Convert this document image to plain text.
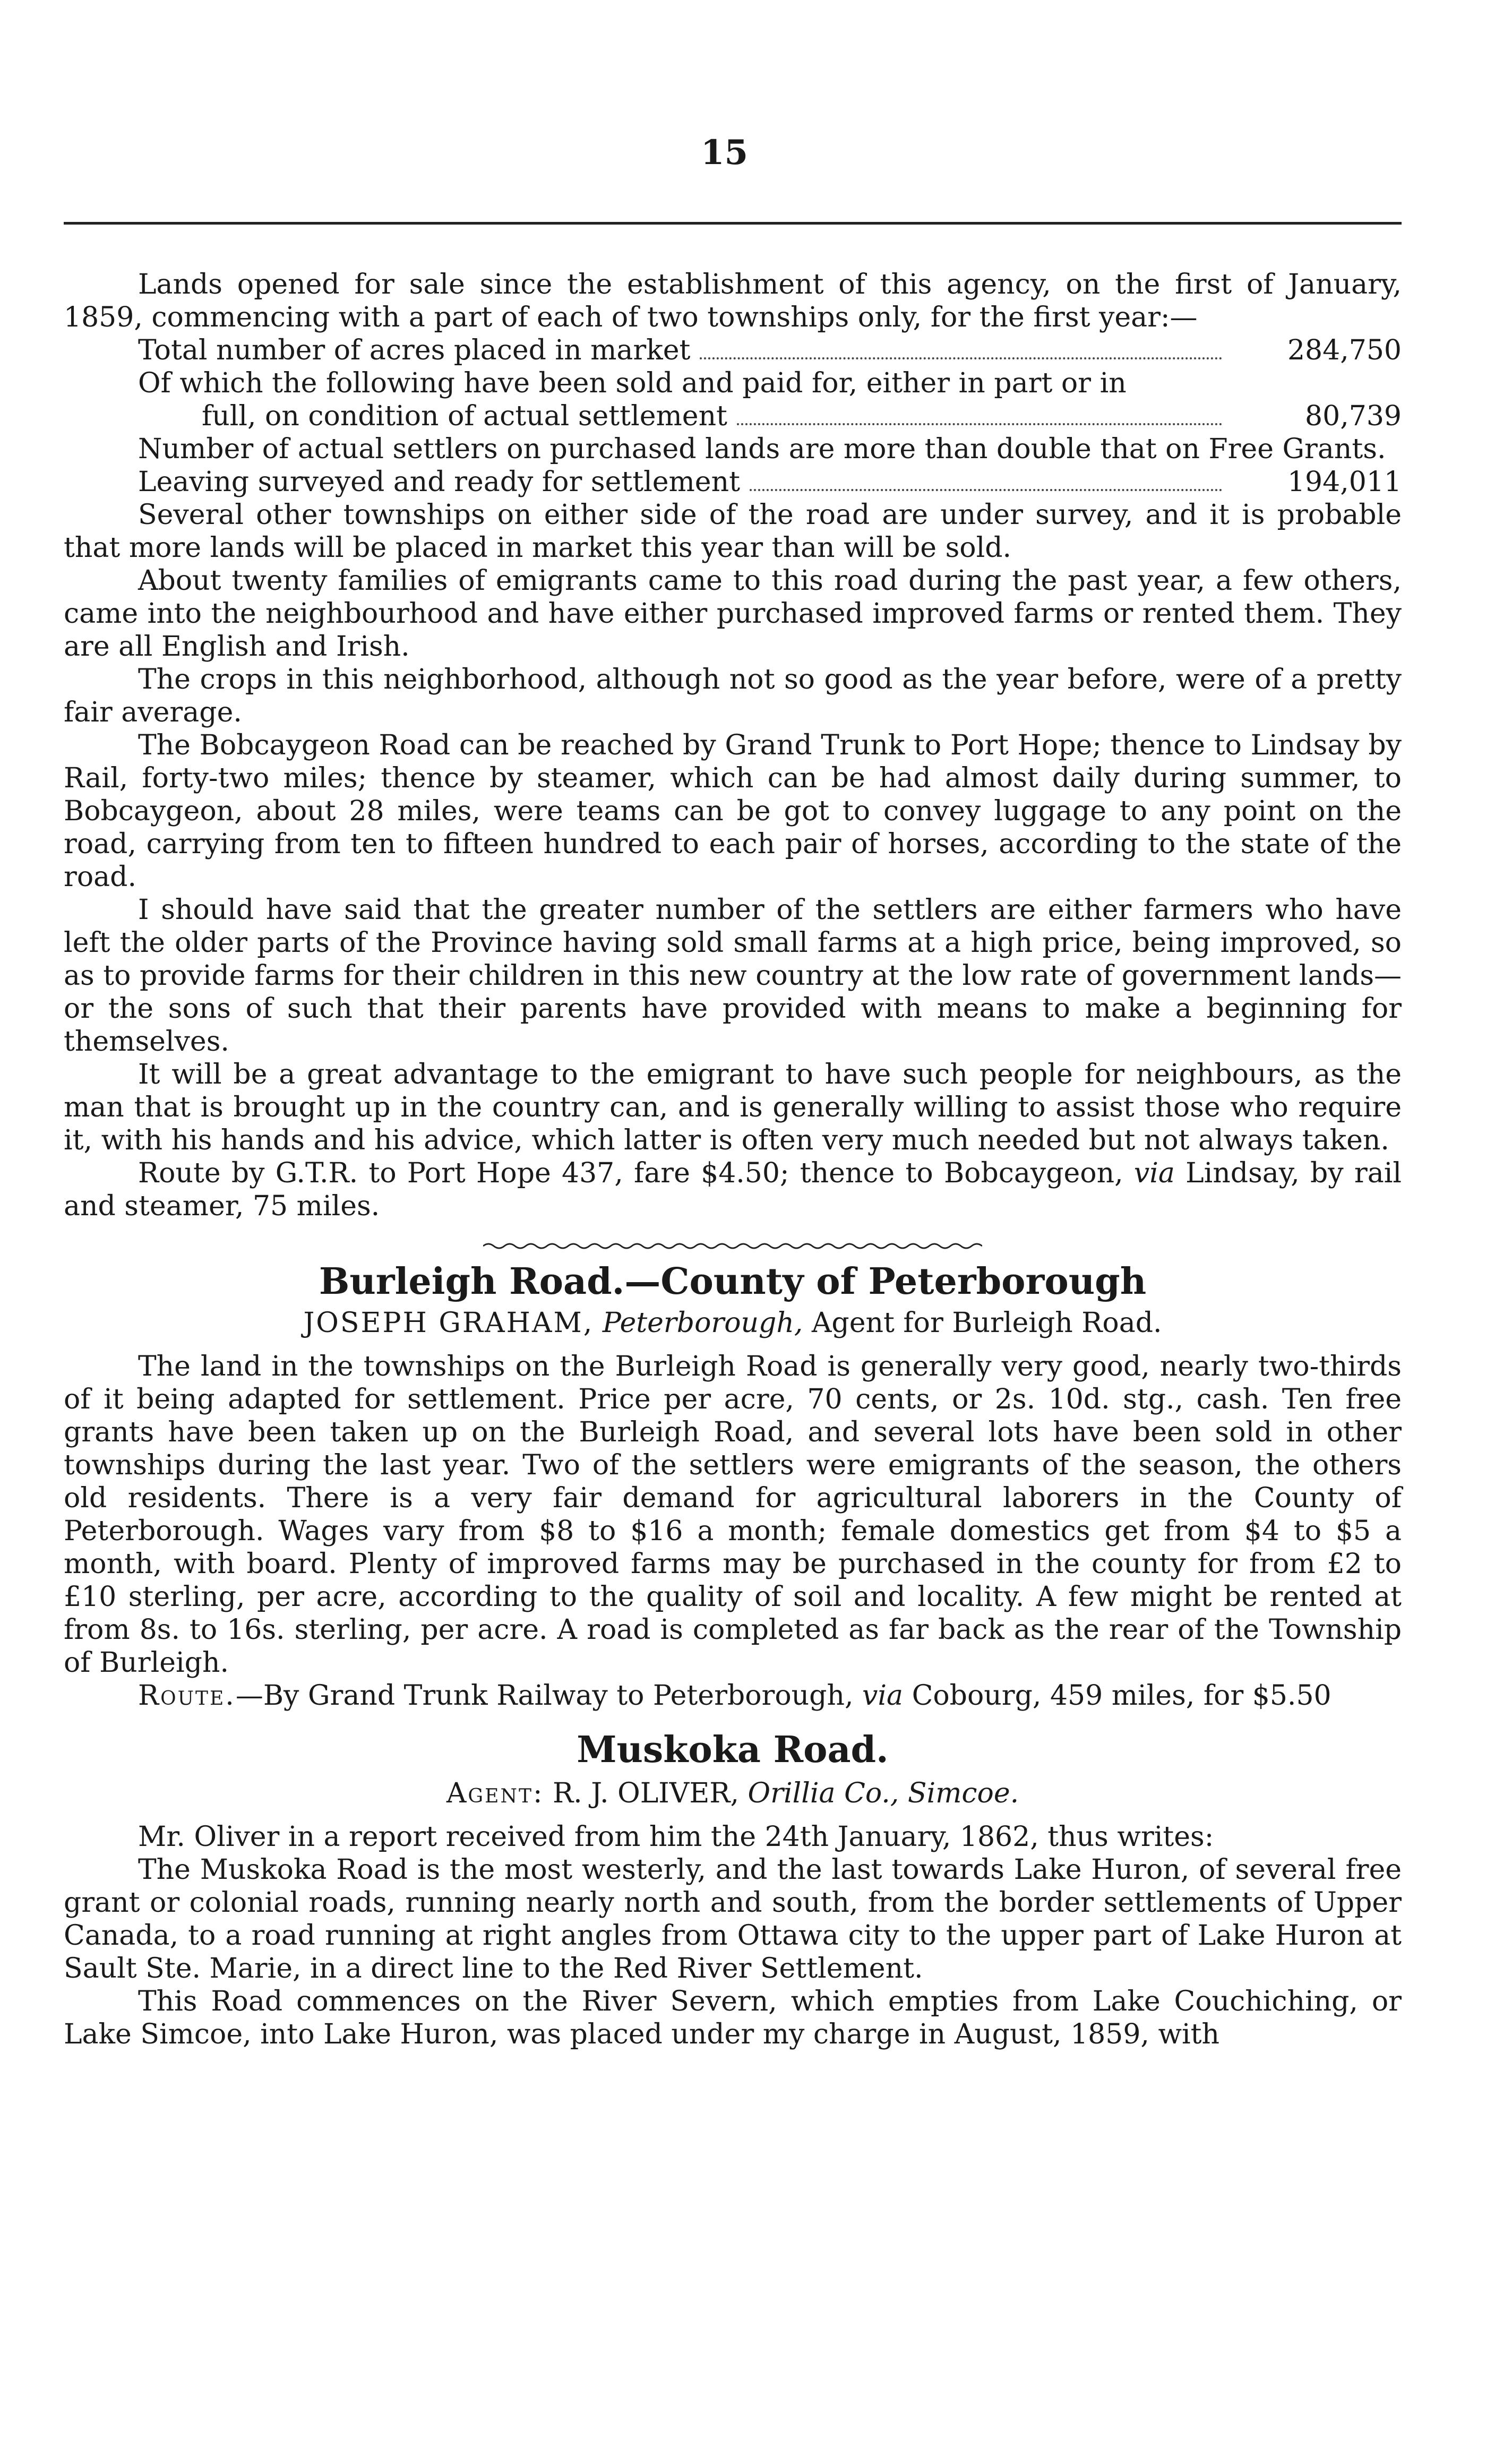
15

Lands opened for sale since the establishment of this agency, on the first of January, 1859, commencing with a part of each of two townships only, for the first year:—

Total number of acres placed in market	284,750
Of which the following have been sold and paid for, either in part or in
full, on condition of actual settlement	80,739

Number of actual settlers on purchased lands are more than double that on Free Grants.

Leaving surveyed and ready for settlement	194,011

Several other townships on either side of the road are under survey, and it is probable that more lands will be placed in market this year than will be sold.

About twenty families of emigrants came to this road during the past year, a few others, came into the neighbourhood and have either purchased improved farms or rented them. They are all English and Irish.

The crops in this neighborhood, although not so good as the year before, were of a pretty fair average.

The Bobcaygeon Road can be reached by Grand Trunk to Port Hope; thence to Lindsay by Rail, forty-two miles; thence by steamer, which can be had almost daily during summer, to Bobcaygeon, about 28 miles, were teams can be got to convey luggage to any point on the road, carrying from ten to fifteen hundred to each pair of horses, according to the state of the road.

I should have said that the greater number of the settlers are either farmers who have left the older parts of the Province having sold small farms at a high price, being improved, so as to provide farms for their children in this new country at the low rate of government lands—or the sons of such that their parents have provided with means to make a beginning for themselves.

It will be a great advantage to the emigrant to have such people for neighbours, as the man that is brought up in the country can, and is generally willing to assist those who require it, with his hands and his advice, which latter is often very much needed but not always taken.

Route by G.T.R. to Port Hope 437, fare $4.50; thence to Bobcaygeon, via Lindsay, by rail and steamer, 75 miles.

Burleigh Road.—County of Peterborough
JOSEPH GRAHAM, Peterborough, Agent for Burleigh Road.

The land in the townships on the Burleigh Road is generally very good, nearly two-thirds of it being adapted for settlement. Price per acre, 70 cents, or 2s. 10d. stg., cash. Ten free grants have been taken up on the Burleigh Road, and several lots have been sold in other townships during the last year. Two of the settlers were emigrants of the season, the others old residents. There is a very fair demand for agricultural laborers in the County of Peterborough. Wages vary from $8 to $16 a month; female domestics get from $4 to $5 a month, with board. Plenty of improved farms may be purchased in the county for from £2 to £10 sterling, per acre, according to the quality of soil and locality. A few might be rented at from 8s. to 16s. sterling, per acre. A road is completed as far back as the rear of the Township of Burleigh.

Route.—By Grand Trunk Railway to Peterborough, via Cobourg, 459 miles, for $5.50

Muskoka Road.
Agent: R. J. OLIVER, Orillia Co., Simcoe.

Mr. Oliver in a report received from him the 24th January, 1862, thus writes:

The Muskoka Road is the most westerly, and the last towards Lake Huron, of several free grant or colonial roads, running nearly north and south, from the border settlements of Upper Canada, to a road running at right angles from Ottawa city to the upper part of Lake Huron at Sault Ste. Marie, in a direct line to the Red River Settlement.

This Road commences on the River Severn, which empties from Lake Couchiching, or Lake Simcoe, into Lake Huron, was placed under my charge in August, 1859, with
